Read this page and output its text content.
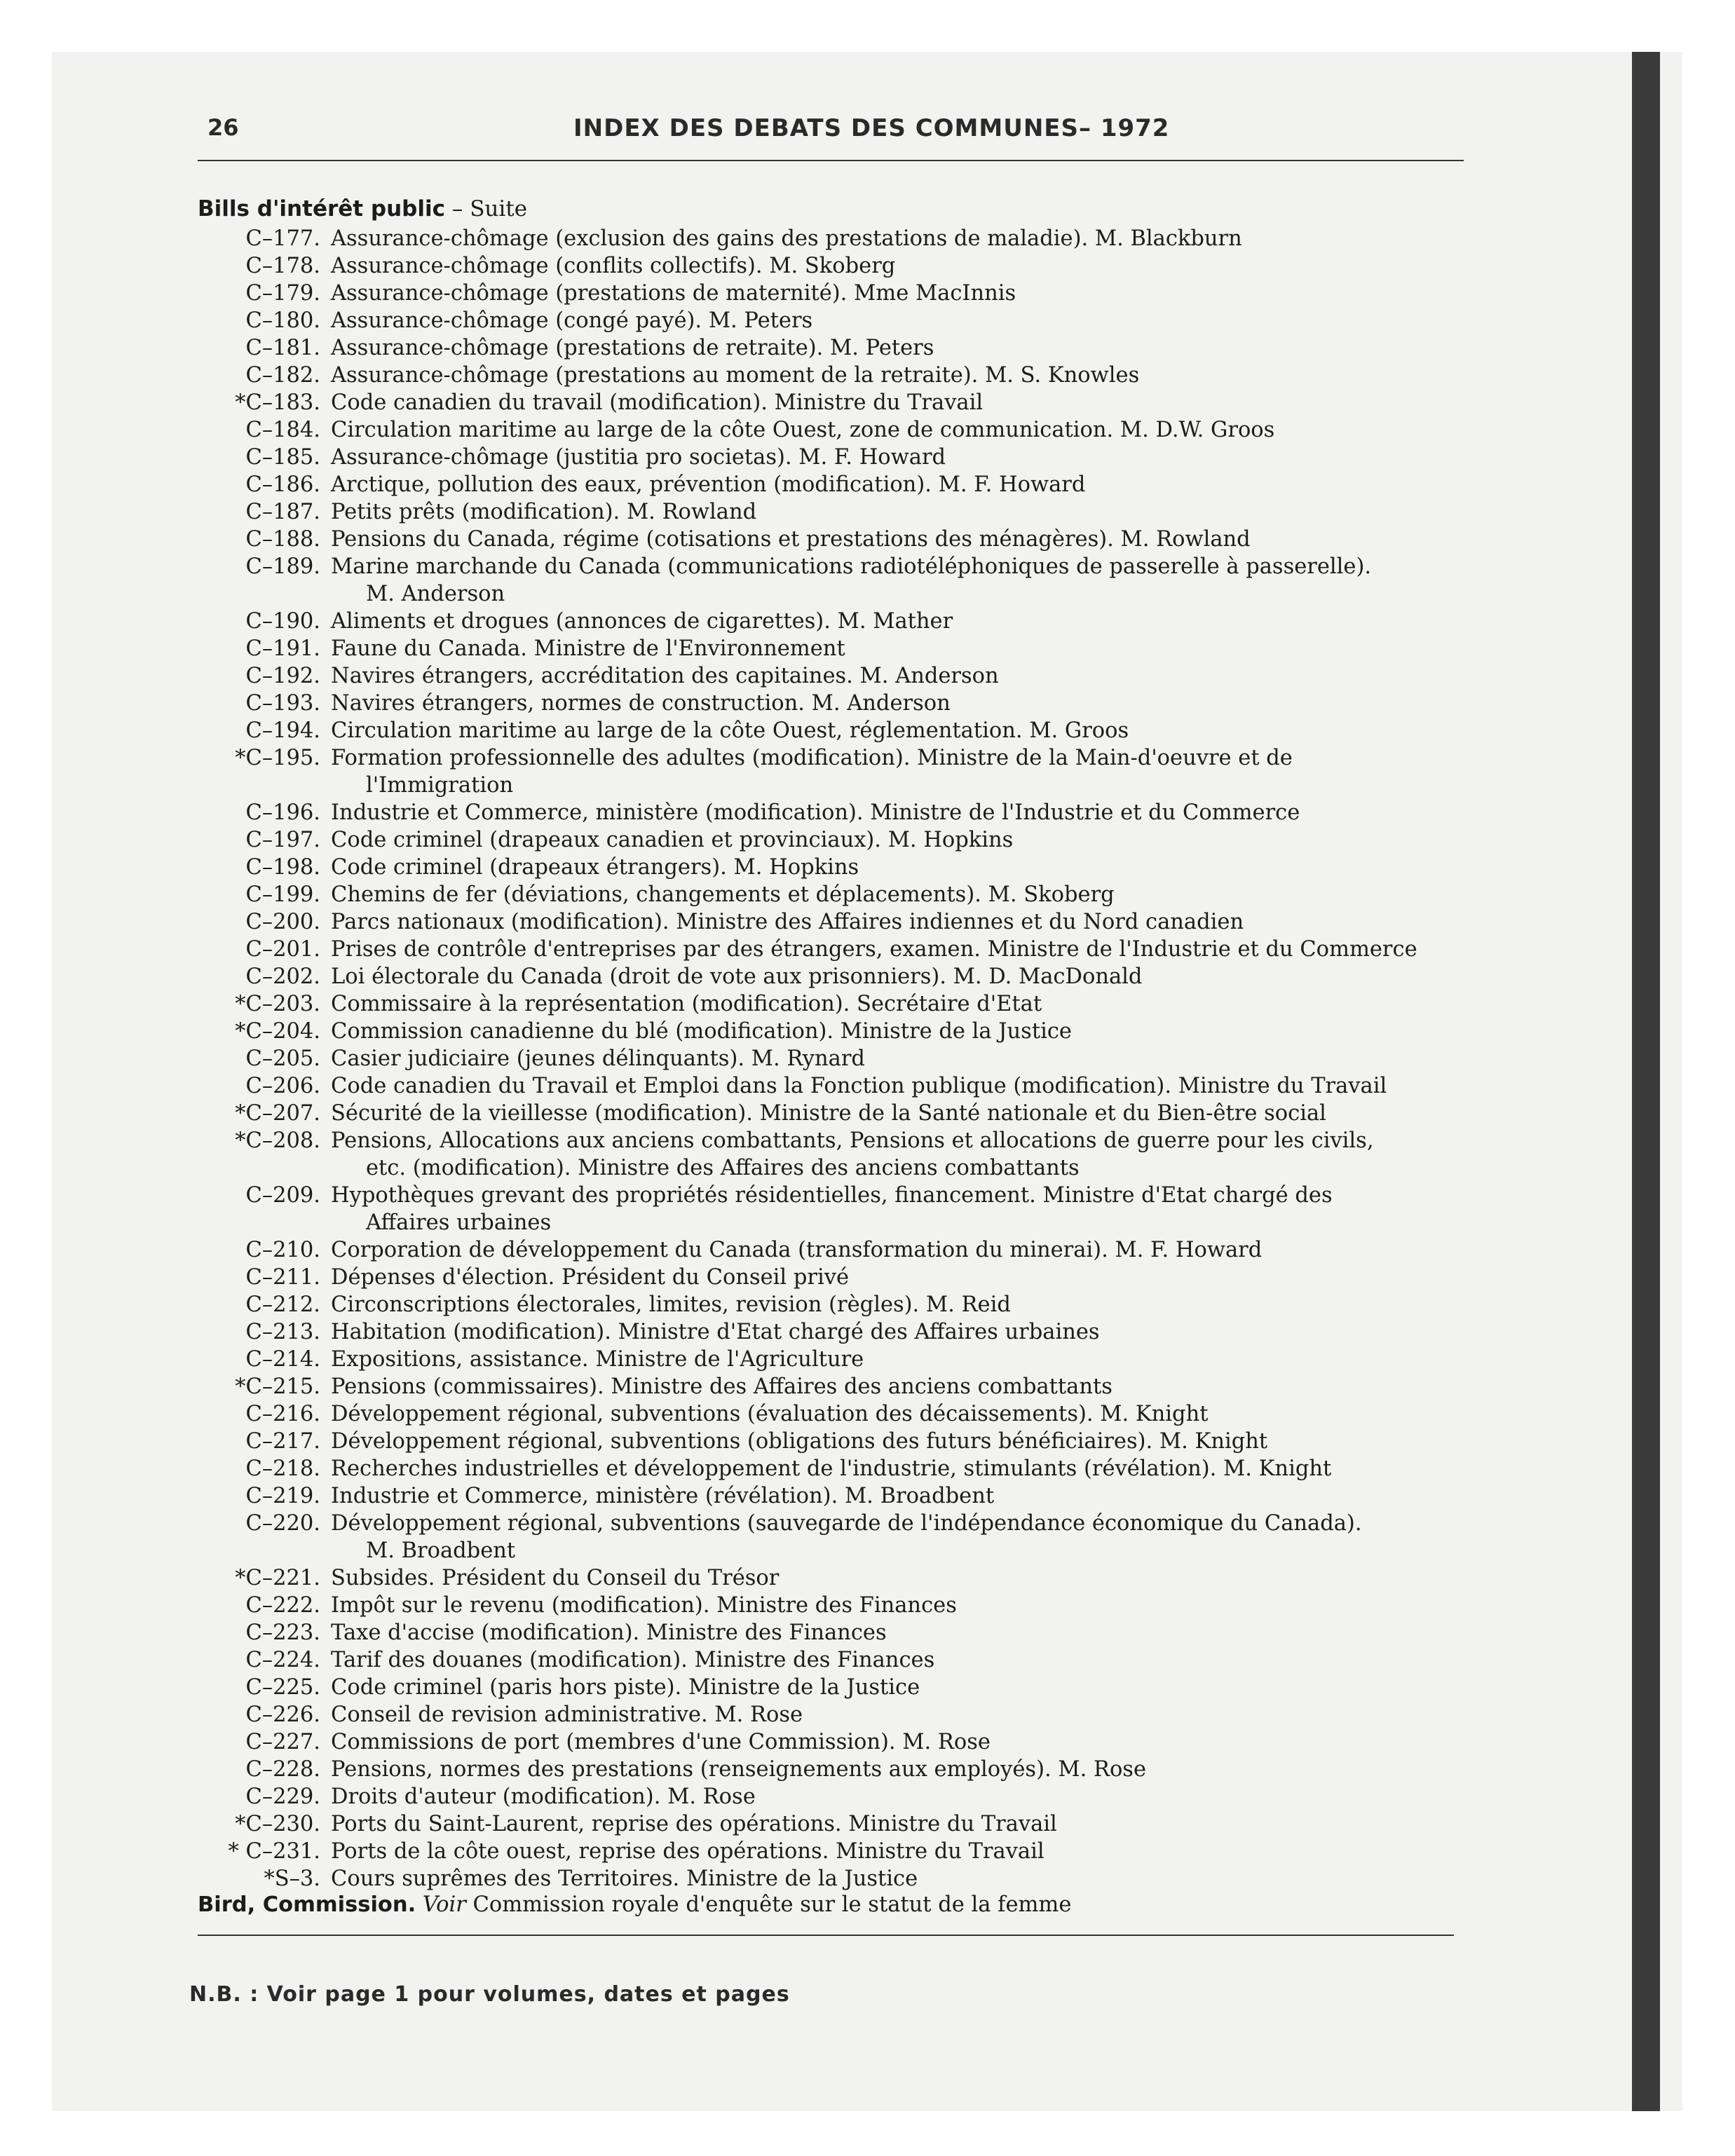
26	INDEX DES DEBATS DES COMMUNES– 1972
Bills d'intérêt public – Suite
C–177. Assurance-chômage (exclusion des gains des prestations de maladie). M. Blackburn
C–178. Assurance-chômage (conflits collectifs). M. Skoberg
C–179. Assurance-chômage (prestations de maternité). Mme MacInnis
C–180. Assurance-chômage (congé payé). M. Peters
C–181. Assurance-chômage (prestations de retraite). M. Peters
C–182. Assurance-chômage (prestations au moment de la retraite). M. S. Knowles
*C–183. Code canadien du travail (modification). Ministre du Travail
C–184. Circulation maritime au large de la côte Ouest, zone de communication. M. D.W. Groos
C–185. Assurance-chômage (justitia pro societas). M. F. Howard
C–186. Arctique, pollution des eaux, prévention (modification). M. F. Howard
C–187. Petits prêts (modification). M. Rowland
C–188. Pensions du Canada, régime (cotisations et prestations des ménagères). M. Rowland
C–189. Marine marchande du Canada (communications radiotéléphoniques de passerelle à passerelle).
M. Anderson
C–190. Aliments et drogues (annonces de cigarettes). M. Mather
C–191. Faune du Canada. Ministre de l'Environnement
C–192. Navires étrangers, accréditation des capitaines. M. Anderson
C–193. Navires étrangers, normes de construction. M. Anderson
C–194. Circulation maritime au large de la côte Ouest, réglementation. M. Groos
*C–195. Formation professionnelle des adultes (modification). Ministre de la Main-d'oeuvre et de
l'Immigration
C–196. Industrie et Commerce, ministère (modification). Ministre de l'Industrie et du Commerce
C–197. Code criminel (drapeaux canadien et provinciaux). M. Hopkins
C–198. Code criminel (drapeaux étrangers). M. Hopkins
C–199. Chemins de fer (déviations, changements et déplacements). M. Skoberg
C–200. Parcs nationaux (modification). Ministre des Affaires indiennes et du Nord canadien
C–201. Prises de contrôle d'entreprises par des étrangers, examen. Ministre de l'Industrie et du Commerce
C–202. Loi électorale du Canada (droit de vote aux prisonniers). M. D. MacDonald
*C–203. Commissaire à la représentation (modification). Secrétaire d'Etat
*C–204. Commission canadienne du blé (modification). Ministre de la Justice
C–205. Casier judiciaire (jeunes délinquants). M. Rynard
C–206. Code canadien du Travail et Emploi dans la Fonction publique (modification). Ministre du Travail
*C–207. Sécurité de la vieillesse (modification). Ministre de la Santé nationale et du Bien-être social
*C–208. Pensions, Allocations aux anciens combattants, Pensions et allocations de guerre pour les civils,
etc. (modification). Ministre des Affaires des anciens combattants
C–209. Hypothèques grevant des propriétés résidentielles, financement. Ministre d'Etat chargé des
Affaires urbaines
C–210. Corporation de développement du Canada (transformation du minerai). M. F. Howard
C–211. Dépenses d'élection. Président du Conseil privé
C–212. Circonscriptions électorales, limites, revision (règles). M. Reid
C–213. Habitation (modification). Ministre d'Etat chargé des Affaires urbaines
C–214. Expositions, assistance. Ministre de l'Agriculture
*C–215. Pensions (commissaires). Ministre des Affaires des anciens combattants
C–216. Développement régional, subventions (évaluation des décaissements). M. Knight
C–217. Développement régional, subventions (obligations des futurs bénéficiaires). M. Knight
C–218. Recherches industrielles et développement de l'industrie, stimulants (révélation). M. Knight
C–219. Industrie et Commerce, ministère (révélation). M. Broadbent
C–220. Développement régional, subventions (sauvegarde de l'indépendance économique du Canada).
M. Broadbent
*C–221. Subsides. Président du Conseil du Trésor
C–222. Impôt sur le revenu (modification). Ministre des Finances
C–223. Taxe d'accise (modification). Ministre des Finances
C–224. Tarif des douanes (modification). Ministre des Finances
C–225. Code criminel (paris hors piste). Ministre de la Justice
C–226. Conseil de revision administrative. M. Rose
C–227. Commissions de port (membres d'une Commission). M. Rose
C–228. Pensions, normes des prestations (renseignements aux employés). M. Rose
C–229. Droits d'auteur (modification). M. Rose
*C–230. Ports du Saint-Laurent, reprise des opérations. Ministre du Travail
* C–231. Ports de la côte ouest, reprise des opérations. Ministre du Travail
*S–3. Cours suprêmes des Territoires. Ministre de la Justice
Bird, Commission. Voir Commission royale d'enquête sur le statut de la femme
N.B. : Voir page 1 pour volumes, dates et pages
